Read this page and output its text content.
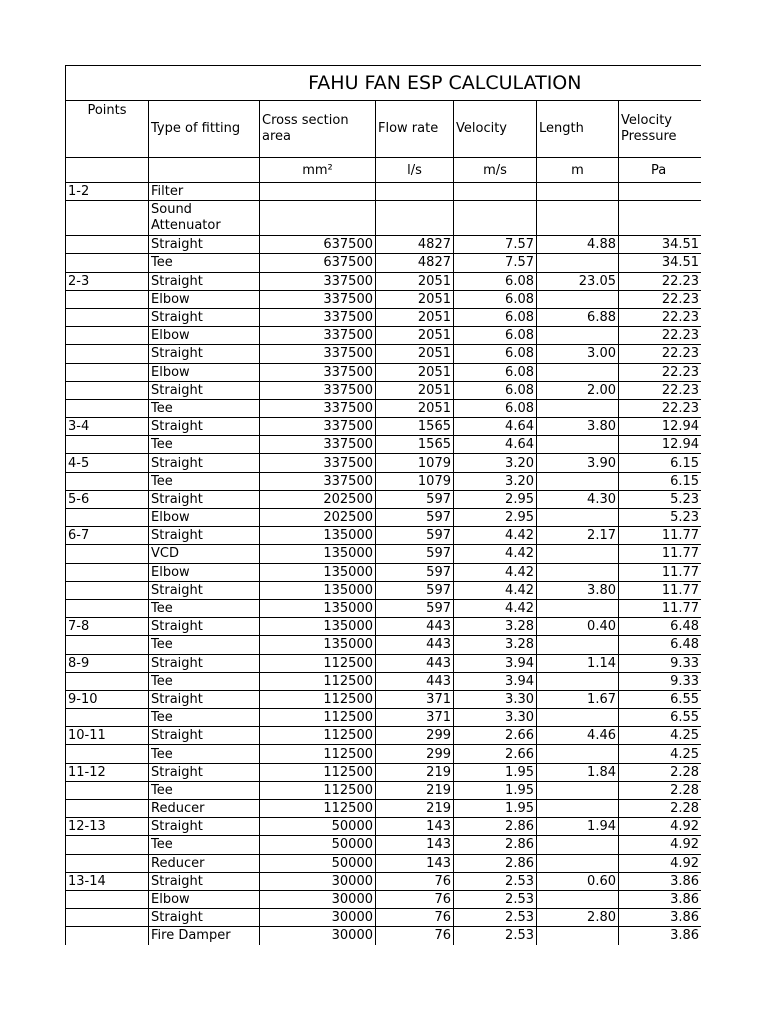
FAHU FAN ESP CALCULATION						
Points	Type of fitting	Cross section area	Flow rate	Velocity	Length	Velocity Pressure
		mm²	l/s	m/s	m	Pa
1-2	Filter					
	Sound Attenuator					
	Straight	637500	4827	7.57	4.88	34.51
	Tee	637500	4827	7.57		34.51
2-3	Straight	337500	2051	6.08	23.05	22.23
	Elbow	337500	2051	6.08		22.23
	Straight	337500	2051	6.08	6.88	22.23
	Elbow	337500	2051	6.08		22.23
	Straight	337500	2051	6.08	3.00	22.23
	Elbow	337500	2051	6.08		22.23
	Straight	337500	2051	6.08	2.00	22.23
	Tee	337500	2051	6.08		22.23
3-4	Straight	337500	1565	4.64	3.80	12.94
	Tee	337500	1565	4.64		12.94
4-5	Straight	337500	1079	3.20	3.90	6.15
	Tee	337500	1079	3.20		6.15
5-6	Straight	202500	597	2.95	4.30	5.23
	Elbow	202500	597	2.95		5.23
6-7	Straight	135000	597	4.42	2.17	11.77
	VCD	135000	597	4.42		11.77
	Elbow	135000	597	4.42		11.77
	Straight	135000	597	4.42	3.80	11.77
	Tee	135000	597	4.42		11.77
7-8	Straight	135000	443	3.28	0.40	6.48
	Tee	135000	443	3.28		6.48
8-9	Straight	112500	443	3.94	1.14	9.33
	Tee	112500	443	3.94		9.33
9-10	Straight	112500	371	3.30	1.67	6.55
	Tee	112500	371	3.30		6.55
10-11	Straight	112500	299	2.66	4.46	4.25
	Tee	112500	299	2.66		4.25
11-12	Straight	112500	219	1.95	1.84	2.28
	Tee	112500	219	1.95		2.28
	Reducer	112500	219	1.95		2.28
12-13	Straight	50000	143	2.86	1.94	4.92
	Tee	50000	143	2.86		4.92
	Reducer	50000	143	2.86		4.92
13-14	Straight	30000	76	2.53	0.60	3.86
	Elbow	30000	76	2.53		3.86
	Straight	30000	76	2.53	2.80	3.86
	Fire Damper	30000	76	2.53		3.86
